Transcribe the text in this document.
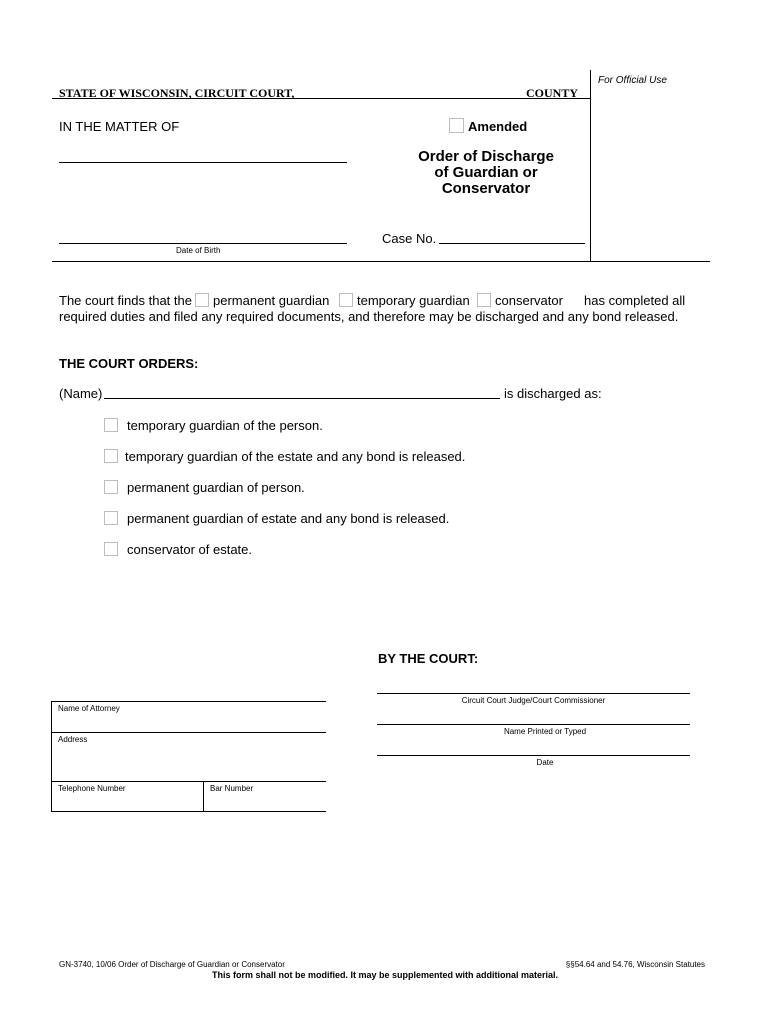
For Official Use
STATE OF WISCONSIN, CIRCUIT COURT,	COUNTY
IN THE MATTER OF
Date of Birth
Amended
Order of Discharge
of Guardian or
Conservator
Case No.
The court finds that the permanent guardian temporary guardian conservator has completed all
required duties and filed any required documents, and therefore may be discharged and any bond released.
THE COURT ORDERS:
(Name)	is discharged as:
temporary guardian of the person.
temporary guardian of the estate and any bond is released.
permanent guardian of person.
permanent guardian of estate and any bond is released.
conservator of estate.
BY THE COURT:
Circuit Court Judge/Court Commissioner
Name Printed or Typed
Date
Name of Attorney
Address
Telephone Number	Bar Number
GN-3740, 10/06 Order of Discharge of Guardian or Conservator	§§54.64 and 54.76, Wisconsin Statutes
This form shall not be modified. It may be supplemented with additional material.
